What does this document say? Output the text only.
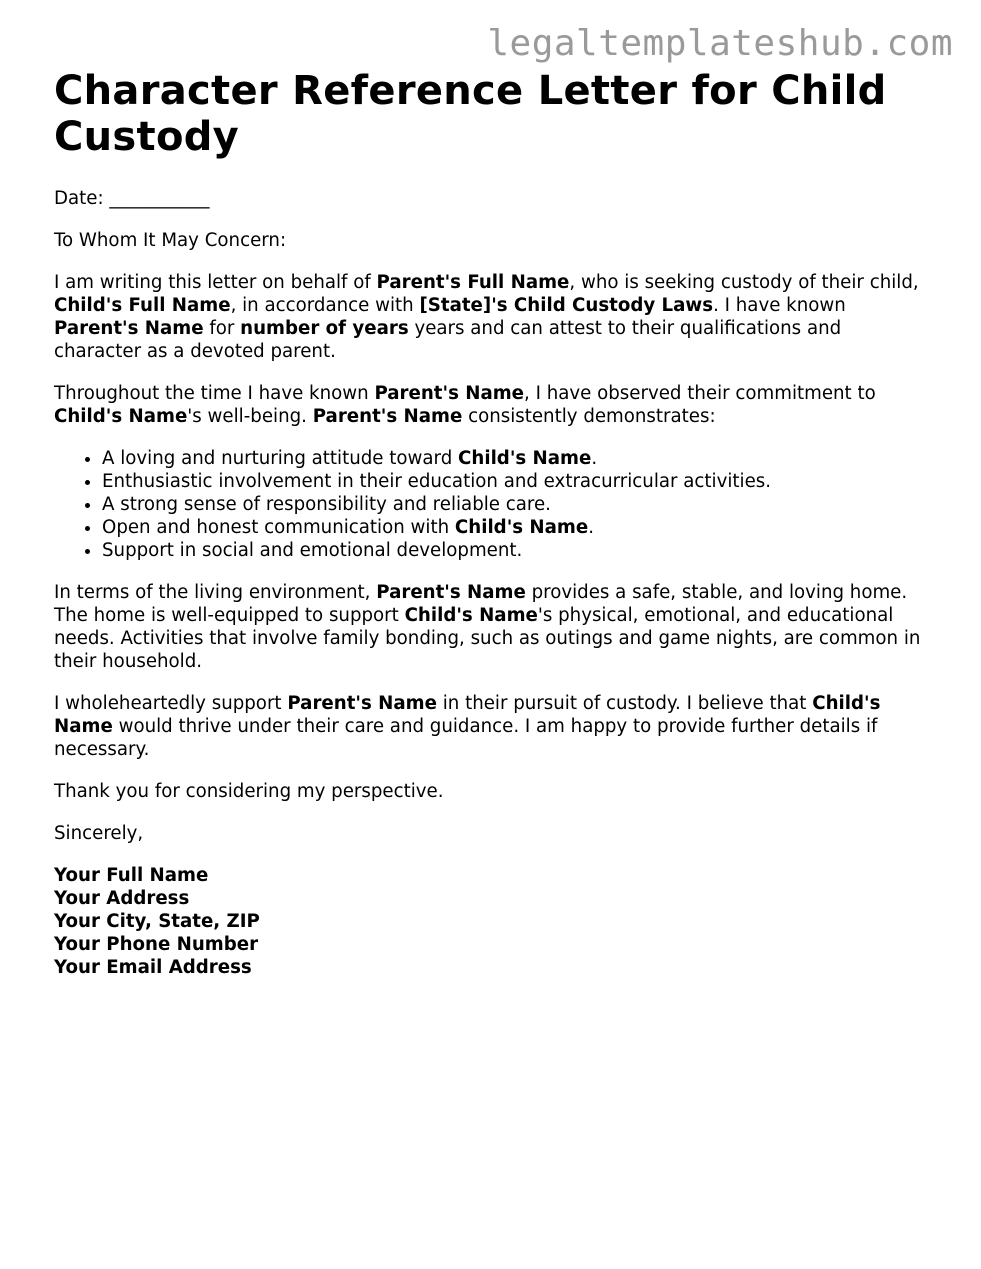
legaltemplateshub.com

Character Reference Letter for Child Custody

Date: ___________

To Whom It May Concern:

I am writing this letter on behalf of Parent's Full Name, who is seeking custody of their child, Child's Full Name, in accordance with [State]'s Child Custody Laws. I have known Parent's Name for number of years years and can attest to their qualifications and character as a devoted parent.

Throughout the time I have known Parent's Name, I have observed their commitment to Child's Name's well-being. Parent's Name consistently demonstrates:

• A loving and nurturing attitude toward Child's Name.
• Enthusiastic involvement in their education and extracurricular activities.
• A strong sense of responsibility and reliable care.
• Open and honest communication with Child's Name.
• Support in social and emotional development.

In terms of the living environment, Parent's Name provides a safe, stable, and loving home. The home is well-equipped to support Child's Name's physical, emotional, and educational needs. Activities that involve family bonding, such as outings and game nights, are common in their household.

I wholeheartedly support Parent's Name in their pursuit of custody. I believe that Child's Name would thrive under their care and guidance. I am happy to provide further details if necessary.

Thank you for considering my perspective.

Sincerely,

Your Full Name
Your Address
Your City, State, ZIP
Your Phone Number
Your Email Address
